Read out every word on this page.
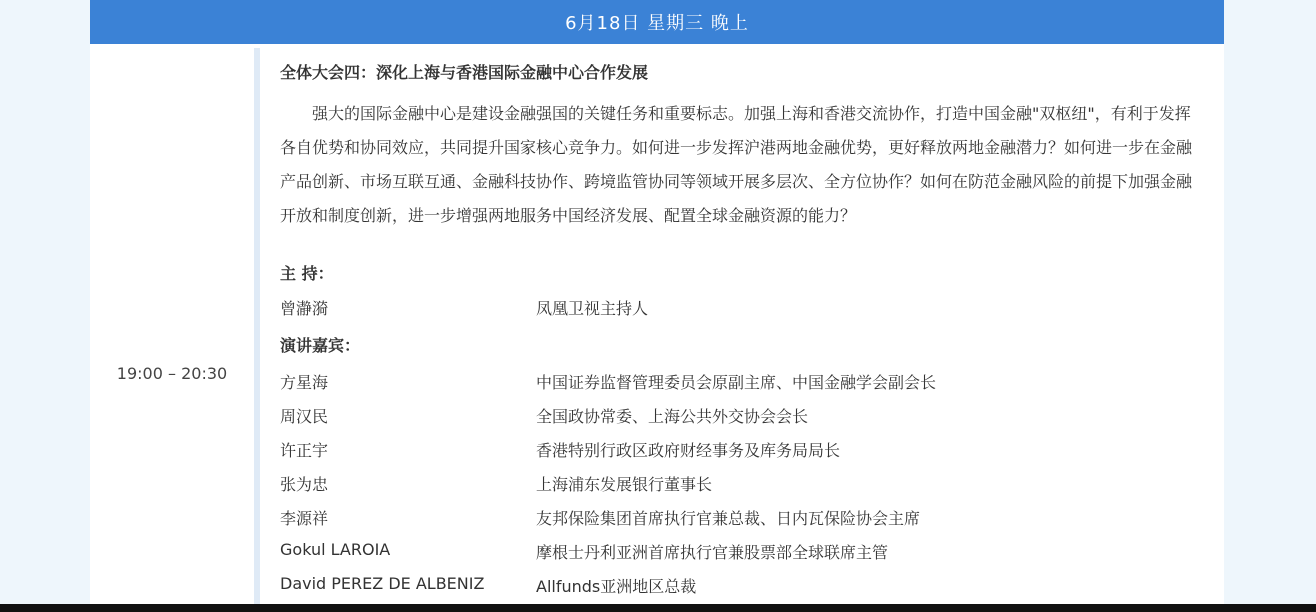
6月18日 星期三 晚上
19:00 – 20:30
全体大会四：深化上海与香港国际金融中心合作发展
强大的国际金融中心是建设金融强国的关键任务和重要标志。加强上海和香港交流协作，打造中国金融"双枢纽"，有利于发挥各自优势和协同效应，共同提升国家核心竞争力。如何进一步发挥沪港两地金融优势，更好释放两地金融潜力？如何进一步在金融产品创新、市场互联互通、金融科技协作、跨境监管协同等领域开展多层次、全方位协作？如何在防范金融风险的前提下加强金融开放和制度创新，进一步增强两地服务中国经济发展、配置全球金融资源的能力？
主 持：
曾瀞漪	凤凰卫视主持人
演讲嘉宾：
方星海	中国证券监督管理委员会原副主席、中国金融学会副会长
周汉民	全国政协常委、上海公共外交协会会长
许正宇	香港特别行政区政府财经事务及库务局局长
张为忠	上海浦东发展银行董事长
李源祥	友邦保险集团首席执行官兼总裁、日内瓦保险协会主席
Gokul LAROIA	摩根士丹利亚洲首席执行官兼股票部全球联席主管
David PEREZ DE ALBENIZ	Allfunds亚洲地区总裁
